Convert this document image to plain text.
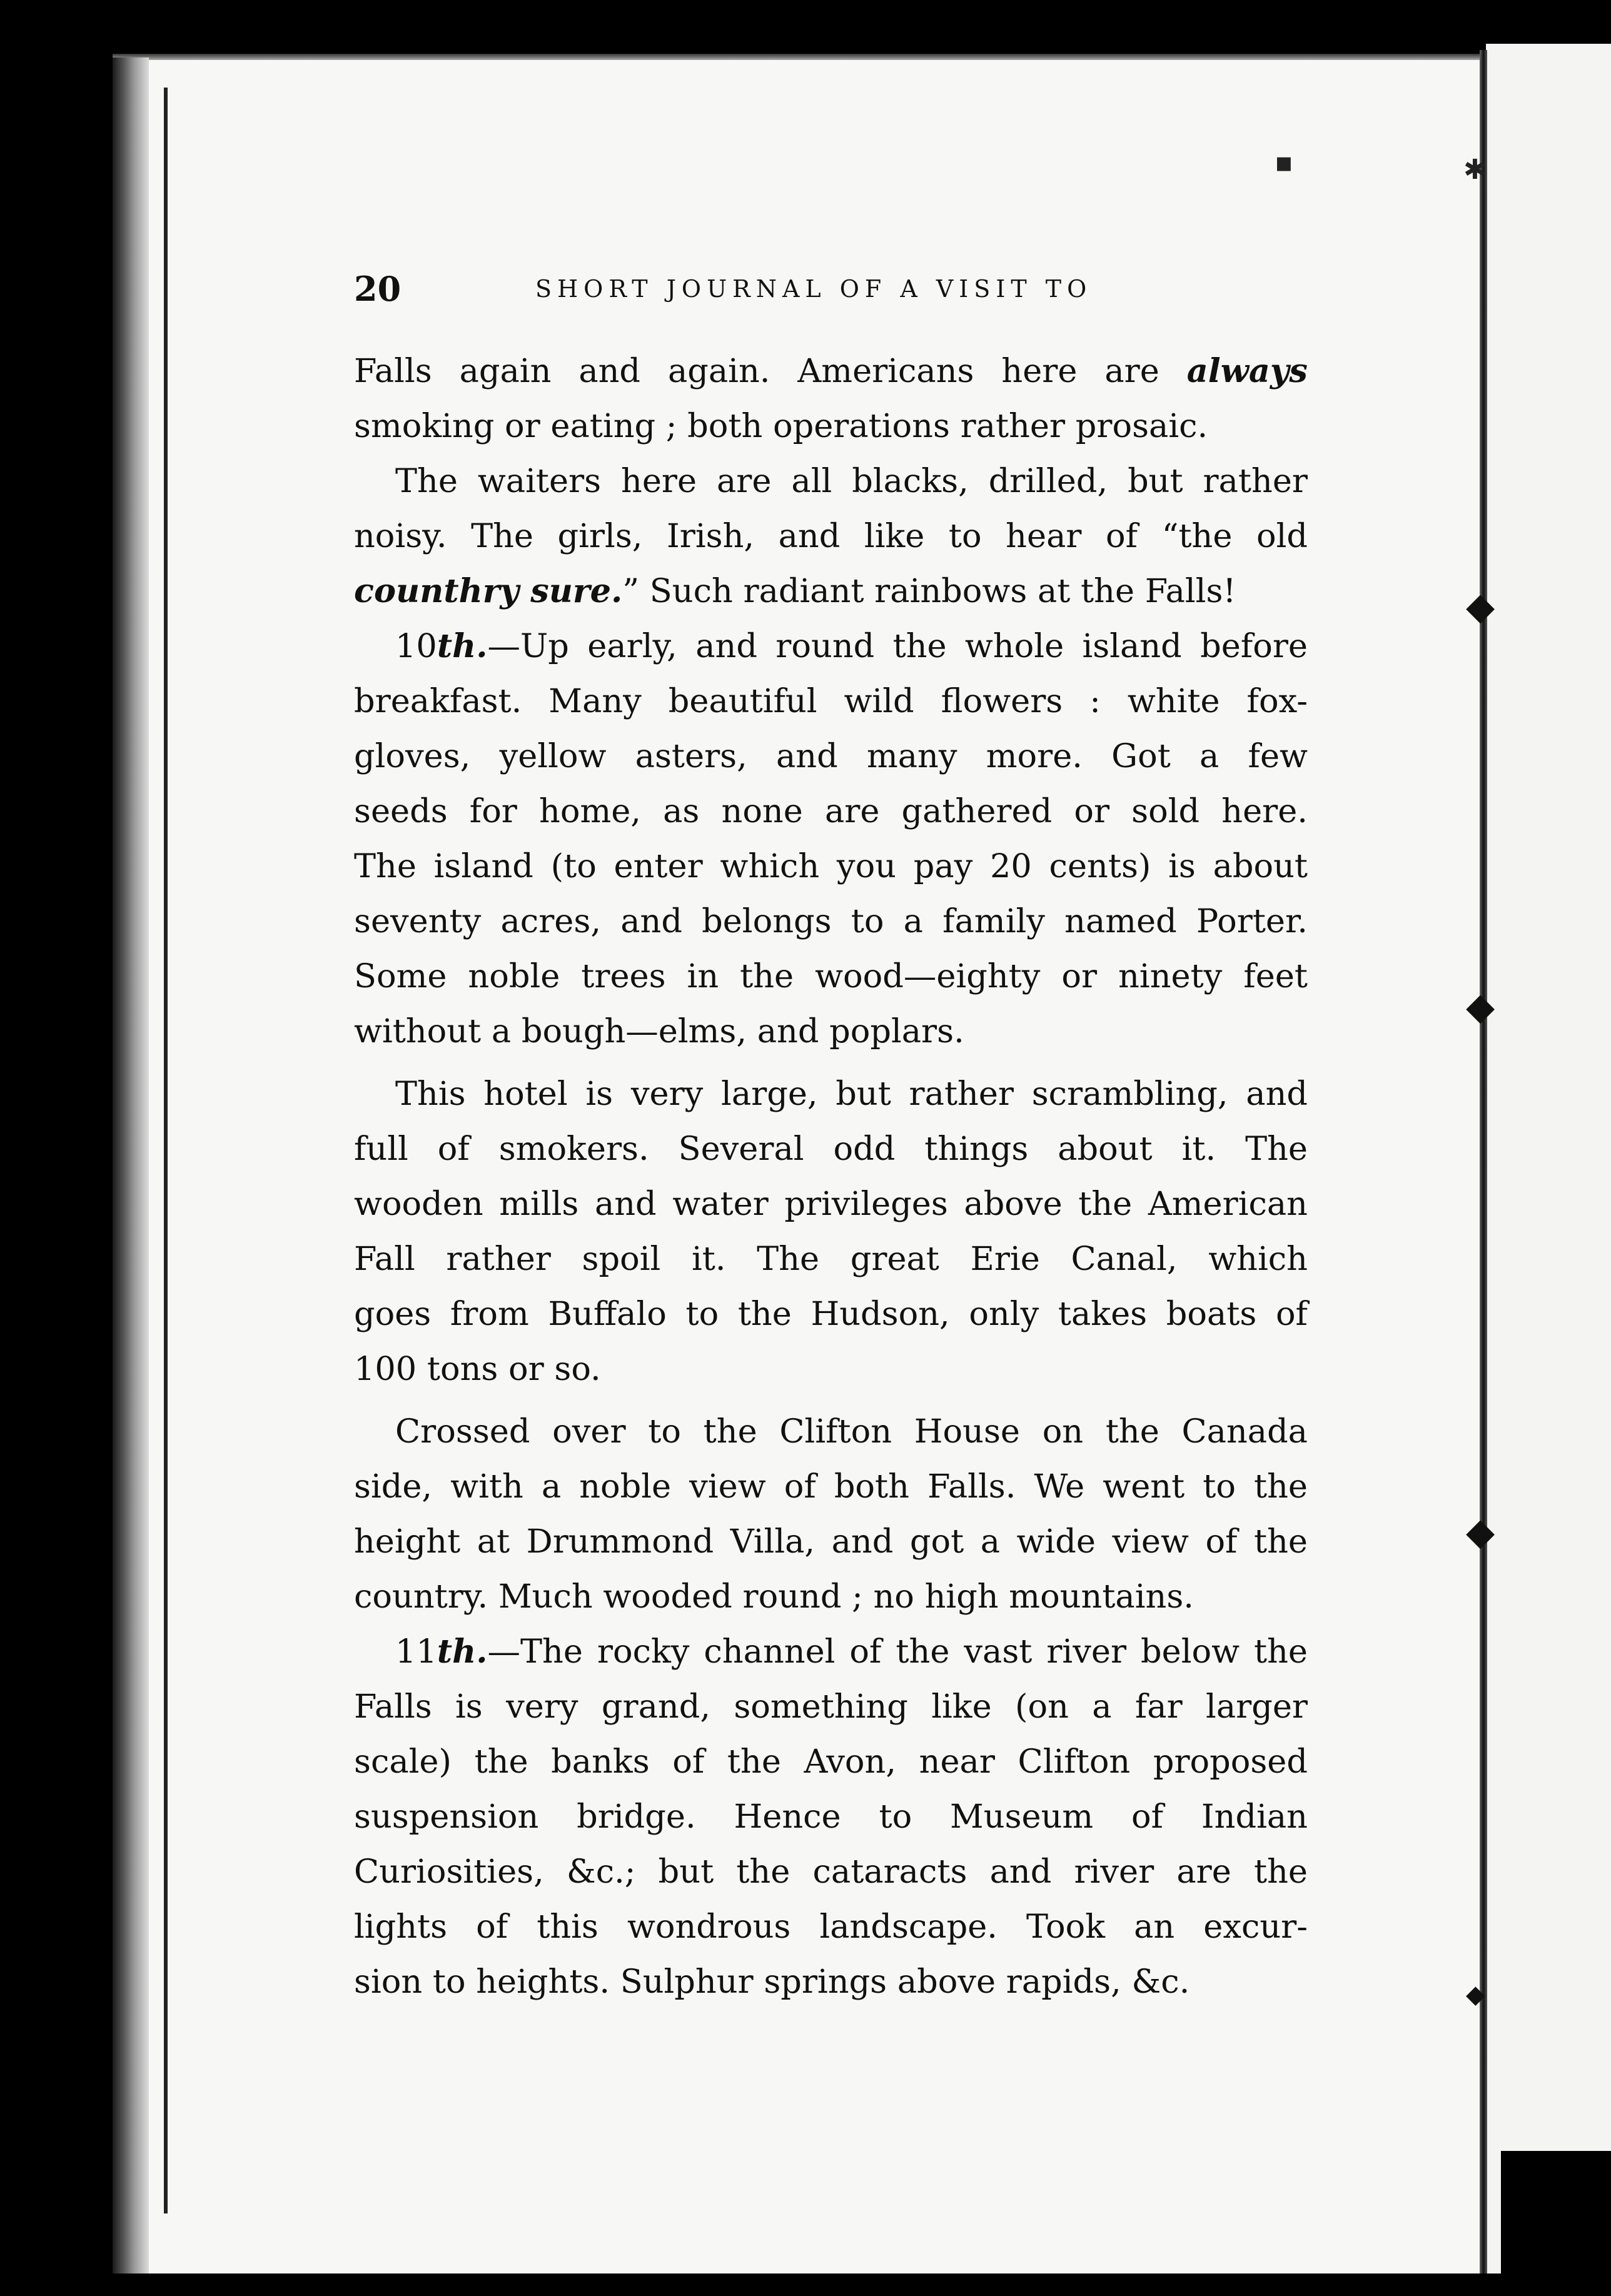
◆
◆
◆
◆
▪	✱
20	SHORT JOURNAL OF A VISIT TO
Falls again and again. Americans here are always
smoking or eating ; both operations rather prosaic.
The waiters here are all blacks, drilled, but rather
noisy. The girls, Irish, and like to hear of “the old
counthry sure.” Such radiant rainbows at the Falls!
10th.—Up early, and round the whole island before
breakfast. Many beautiful wild flowers : white fox-
gloves, yellow asters, and many more. Got a few
seeds for home, as none are gathered or sold here.
The island (to enter which you pay 20 cents) is about
seventy acres, and belongs to a family named Porter.
Some noble trees in the wood—eighty or ninety feet
without a bough—elms, and poplars.
This hotel is very large, but rather scrambling, and
full of smokers. Several odd things about it. The
wooden mills and water privileges above the American
Fall rather spoil it. The great Erie Canal, which
goes from Buffalo to the Hudson, only takes boats of
100 tons or so.
Crossed over to the Clifton House on the Canada
side, with a noble view of both Falls. We went to the
height at Drummond Villa, and got a wide view of the
country. Much wooded round ; no high mountains.
11th.—The rocky channel of the vast river below the
Falls is very grand, something like (on a far larger
scale) the banks of the Avon, near Clifton proposed
suspension bridge. Hence to Museum of Indian
Curiosities, &c.; but the cataracts and river are the
lights of this wondrous landscape. Took an excur-
sion to heights. Sulphur springs above rapids, &c.
